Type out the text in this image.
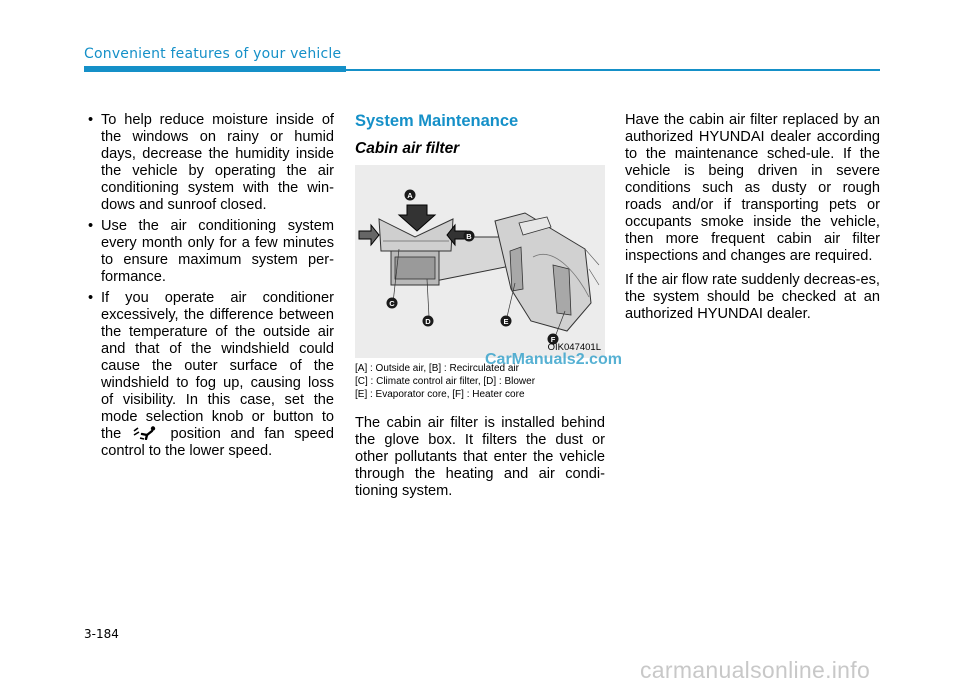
Convenient features of your vehicle
• To help reduce moisture inside of the windows on rainy or humid days, decrease the humidity inside the vehicle by operating the air conditioning system with the win-dows and sunroof closed.
• Use the air conditioning system every month only for a few minutes to ensure maximum system per-formance.
• If you operate air conditioner excessively, the difference between the temperature of the outside air and that of the windshield could cause the outer surface of the windshield to fog up, causing loss of visibility. In this case, set the mode selection knob or button to the	position and fan speed control to the lower speed.
System Maintenance
Cabin air filter
A
B
C
D	E
F
OIK047401L
CarManuals2.com
[A] : Outside air, [B] : Recirculated air
[C] : Climate control air filter, [D] : Blower
[E] : Evaporator core, [F] : Heater core

The cabin air filter is installed behind the glove box. It filters the dust or other pollutants that enter the vehicle through the heating and air condi-tioning system.

Have the cabin air filter replaced by an authorized HYUNDAI dealer according to the maintenance sched-ule. If the vehicle is being driven in severe conditions such as dusty or rough roads and/or if transporting pets or occupants smoke inside the vehicle, then more frequent cabin air filter inspections and changes are required.

If the air flow rate suddenly decreas-es, the system should be checked at an authorized HYUNDAI dealer.

3-184
carmanualsonline.info
